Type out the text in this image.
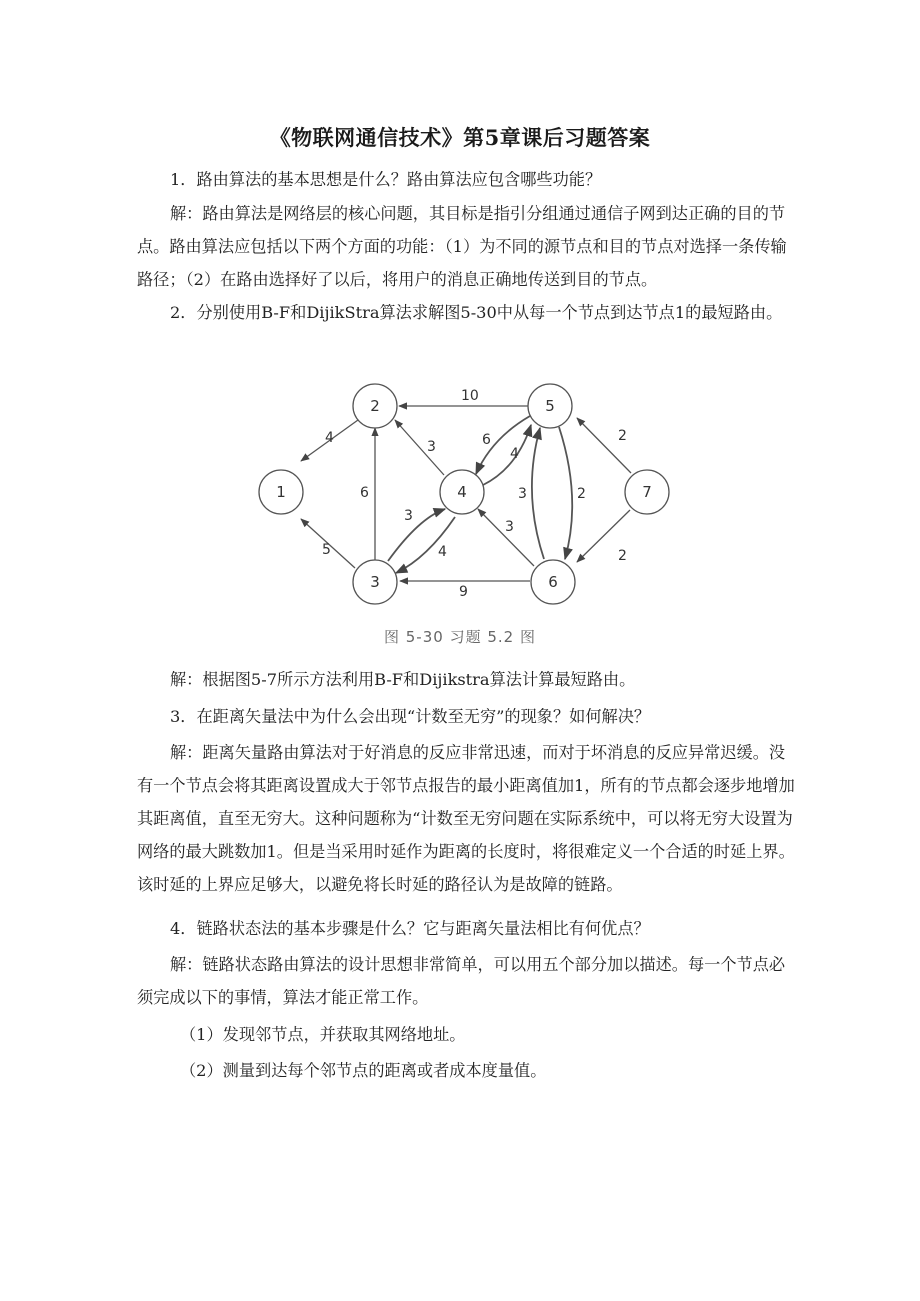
《物联网通信技术》第5章课后习题答案

1．路由算法的基本思想是什么？路由算法应包含哪些功能？

解：路由算法是网络层的核心问题，其目标是指引分组通过通信子网到达正确的目的节点。路由算法应包括以下两个方面的功能：（1）为不同的源节点和目的节点对选择一条传输路径；（2）在路由选择好了以后，将用户的消息正确地传送到目的节点。

2．分别使用B-F和DijikStra算法求解图5-30中从每一个节点到达节点1的最短路由。

4
5
6
3
4
3	4
6
10
2
3
3
9
2
2
1
2
3
4
5
6
7
图 5-30 习题 5.2 图

解：根据图5-7所示方法利用B-F和Dijikstra算法计算最短路由。

3．在距离矢量法中为什么会出现“计数至无穷”的现象？如何解决？

解：距离矢量路由算法对于好消息的反应非常迅速，而对于坏消息的反应异常迟缓。没有一个节点会将其距离设置成大于邻节点报告的最小距离值加1，所有的节点都会逐步地增加其距离值，直至无穷大。这种问题称为“计数至无穷问题在实际系统中，可以将无穷大设置为网络的最大跳数加1。但是当采用时延作为距离的长度时，将很难定义一个合适的时延上界。该时延的上界应足够大，以避免将长时延的路径认为是故障的链路。

4．链路状态法的基本步骤是什么？它与距离矢量法相比有何优点？

解：链路状态路由算法的设计思想非常简单，可以用五个部分加以描述。每一个节点必须完成以下的事情，算法才能正常工作。

（1）发现邻节点，并获取其网络地址。

（2）测量到达每个邻节点的距离或者成本度量值。
